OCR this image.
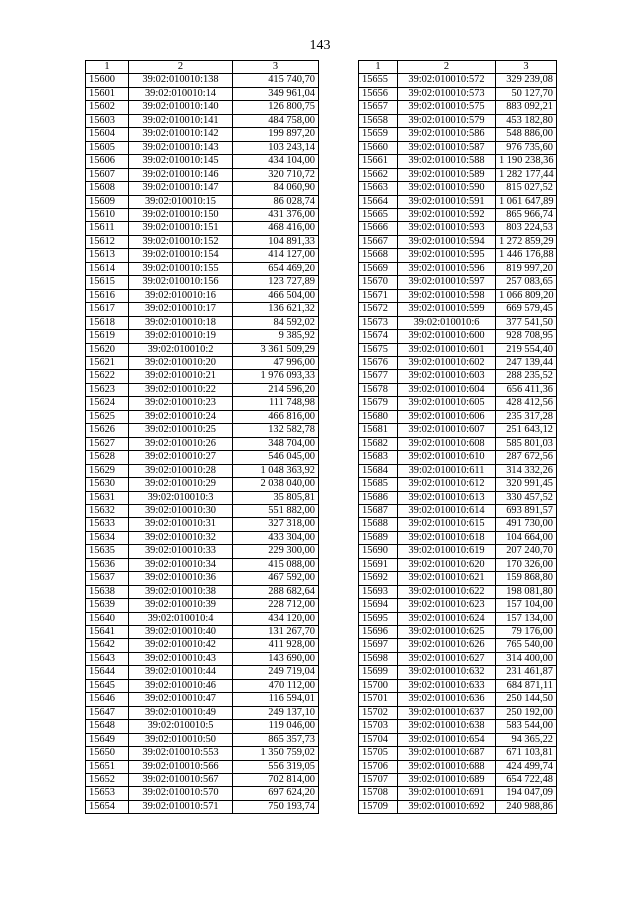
143
1	2	3
15600	39:02:010010:138	415 740,70
15601	39:02:010010:14	349 961,04
15602	39:02:010010:140	126 800,75
15603	39:02:010010:141	484 758,00
15604	39:02:010010:142	199 897,20
15605	39:02:010010:143	103 243,14
15606	39:02:010010:145	434 104,00
15607	39:02:010010:146	320 710,72
15608	39:02:010010:147	84 060,90
15609	39:02:010010:15	86 028,74
15610	39:02:010010:150	431 376,00
15611	39:02:010010:151	468 416,00
15612	39:02:010010:152	104 891,33
15613	39:02:010010:154	414 127,00
15614	39:02:010010:155	654 469,20
15615	39:02:010010:156	123 727,89
15616	39:02:010010:16	466 504,00
15617	39:02:010010:17	136 621,32
15618	39:02:010010:18	84 592,02
15619	39:02:010010:19	9 385,92
15620	39:02:010010:2	3 361 509,29
15621	39:02:010010:20	47 996,00
15622	39:02:010010:21	1 976 093,33
15623	39:02:010010:22	214 596,20
15624	39:02:010010:23	111 748,98
15625	39:02:010010:24	466 816,00
15626	39:02:010010:25	132 582,78
15627	39:02:010010:26	348 704,00
15628	39:02:010010:27	546 045,00
15629	39:02:010010:28	1 048 363,92
15630	39:02:010010:29	2 038 040,00
15631	39:02:010010:3	35 805,81
15632	39:02:010010:30	551 882,00
15633	39:02:010010:31	327 318,00
15634	39:02:010010:32	433 304,00
15635	39:02:010010:33	229 300,00
15636	39:02:010010:34	415 088,00
15637	39:02:010010:36	467 592,00
15638	39:02:010010:38	288 682,64
15639	39:02:010010:39	228 712,00
15640	39:02:010010:4	434 120,00
15641	39:02:010010:40	131 267,70
15642	39:02:010010:42	411 928,00
15643	39:02:010010:43	143 690,00
15644	39:02:010010:44	249 719,04
15645	39:02:010010:46	470 112,00
15646	39:02:010010:47	116 594,01
15647	39:02:010010:49	249 137,10
15648	39:02:010010:5	119 046,00
15649	39:02:010010:50	865 357,73
15650	39:02:010010:553	1 350 759,02
15651	39:02:010010:566	556 319,05
15652	39:02:010010:567	702 814,00
15653	39:02:010010:570	697 624,20
15654	39:02:010010:571	750 193,74
1	2	3
15655	39:02:010010:572	329 239,08
15656	39:02:010010:573	50 127,70
15657	39:02:010010:575	883 092,21
15658	39:02:010010:579	453 182,80
15659	39:02:010010:586	548 886,00
15660	39:02:010010:587	976 735,60
15661	39:02:010010:588	1 190 238,36
15662	39:02:010010:589	1 282 177,44
15663	39:02:010010:590	815 027,52
15664	39:02:010010:591	1 061 647,89
15665	39:02:010010:592	865 966,74
15666	39:02:010010:593	803 224,53
15667	39:02:010010:594	1 272 859,29
15668	39:02:010010:595	1 446 176,88
15669	39:02:010010:596	819 997,20
15670	39:02:010010:597	257 083,65
15671	39:02:010010:598	1 066 809,20
15672	39:02:010010:599	669 579,45
15673	39:02:010010:6	377 541,50
15674	39:02:010010:600	928 708,95
15675	39:02:010010:601	219 554,40
15676	39:02:010010:602	247 139,44
15677	39:02:010010:603	288 235,52
15678	39:02:010010:604	656 411,36
15679	39:02:010010:605	428 412,56
15680	39:02:010010:606	235 317,28
15681	39:02:010010:607	251 643,12
15682	39:02:010010:608	585 801,03
15683	39:02:010010:610	287 672,56
15684	39:02:010010:611	314 332,26
15685	39:02:010010:612	320 991,45
15686	39:02:010010:613	330 457,52
15687	39:02:010010:614	693 891,57
15688	39:02:010010:615	491 730,00
15689	39:02:010010:618	104 664,00
15690	39:02:010010:619	207 240,70
15691	39:02:010010:620	170 326,00
15692	39:02:010010:621	159 868,80
15693	39:02:010010:622	198 081,80
15694	39:02:010010:623	157 104,00
15695	39:02:010010:624	157 134,00
15696	39:02:010010:625	79 176,00
15697	39:02:010010:626	765 540,00
15698	39:02:010010:627	314 400,00
15699	39:02:010010:632	231 461,87
15700	39:02:010010:633	684 871,11
15701	39:02:010010:636	250 144,50
15702	39:02:010010:637	250 192,00
15703	39:02:010010:638	583 544,00
15704	39:02:010010:654	94 365,22
15705	39:02:010010:687	671 103,81
15706	39:02:010010:688	424 499,74
15707	39:02:010010:689	654 722,48
15708	39:02:010010:691	194 047,09
15709	39:02:010010:692	240 988,86
